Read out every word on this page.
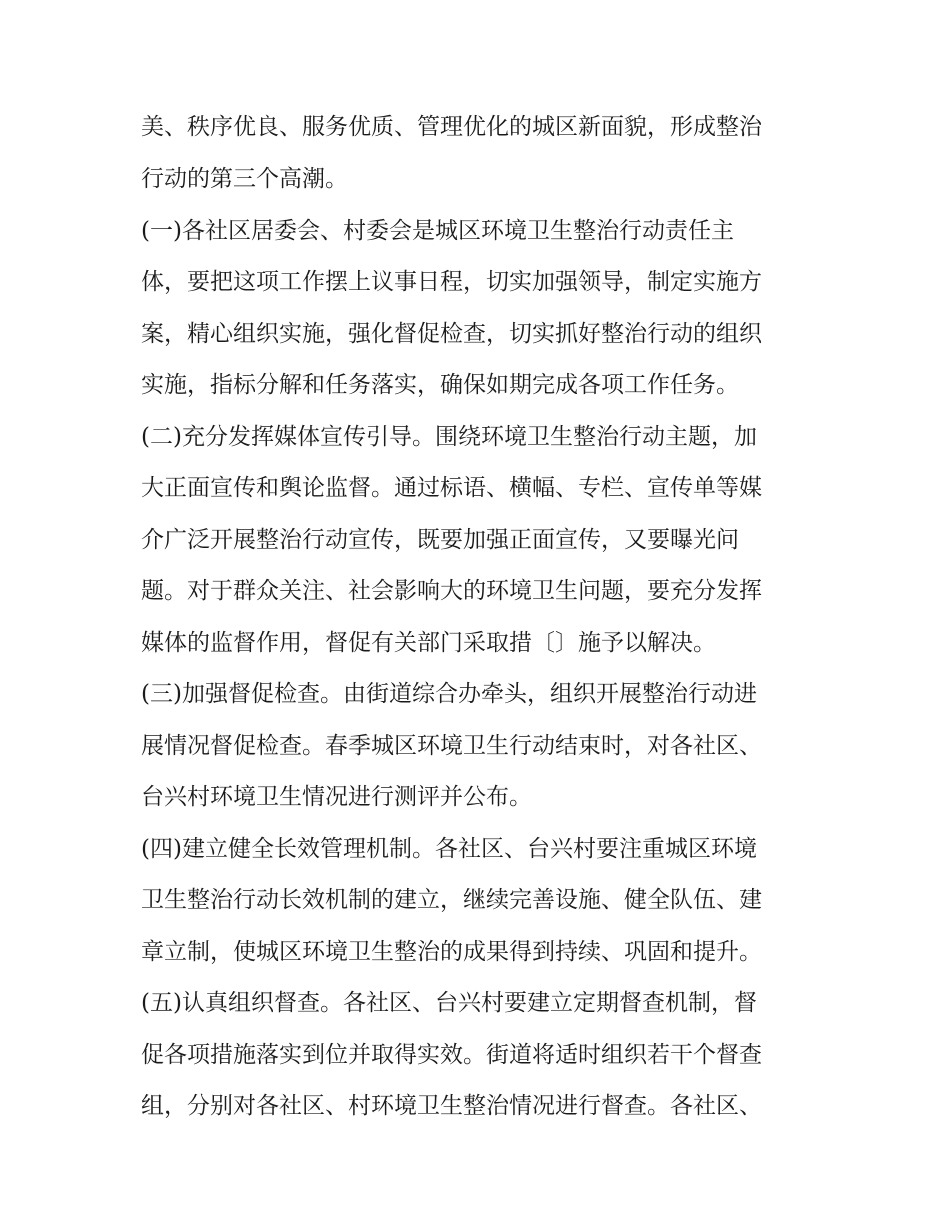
美、秩序优良、服务优质、管理优化的城区新面貌，形成整治
行动的第三个高潮。
(一)各社区居委会、村委会是城区环境卫生整治行动责任主
体，要把这项工作摆上议事日程，切实加强领导，制定实施方
案，精心组织实施，强化督促检查，切实抓好整治行动的组织
实施，指标分解和任务落实，确保如期完成各项工作任务。
(二)充分发挥媒体宣传引导。围绕环境卫生整治行动主题，加
大正面宣传和舆论监督。通过标语、横幅、专栏、宣传单等媒
介广泛开展整治行动宣传，既要加强正面宣传，又要曝光问
题。对于群众关注、社会影响大的环境卫生问题，要充分发挥
媒体的监督作用，督促有关部门采取措〔〕施予以解决。
(三)加强督促检查。由街道综合办牵头，组织开展整治行动进
展情况督促检查。春季城区环境卫生行动结束时，对各社区、
台兴村环境卫生情况进行测评并公布。
(四)建立健全长效管理机制。各社区、台兴村要注重城区环境
卫生整治行动长效机制的建立，继续完善设施、健全队伍、建
章立制，使城区环境卫生整治的成果得到持续、巩固和提升。
(五)认真组织督查。各社区、台兴村要建立定期督查机制，督
促各项措施落实到位并取得实效。街道将适时组织若干个督查
组，分别对各社区、村环境卫生整治情况进行督查。各社区、
